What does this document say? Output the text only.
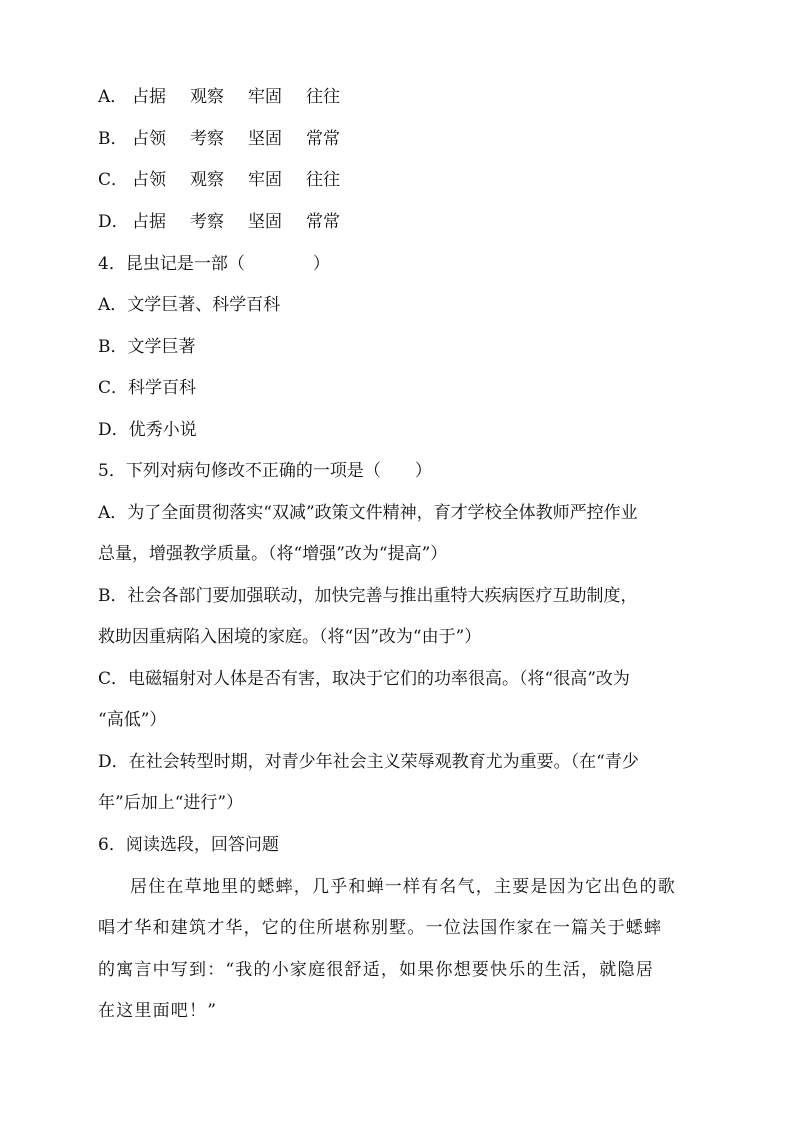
A． 占据 观察 牢固 往往
B． 占领 考察 坚固 常常
C． 占领 观察 牢固 往往
D． 占据 考察 坚固 常常
4．昆虫记是一部（　　　　）
A．文学巨著、科学百科
B．文学巨著
C．科学百科
D．优秀小说
5．下列对病句修改不正确的一项是（　　）
A．为了全面贯彻落实“双减”政策文件精神，育才学校全体教师严控作业
总量，增强教学质量。（将“增强”改为“提高”）
B．社会各部门要加强联动，加快完善与推出重特大疾病医疗互助制度，
救助因重病陷入困境的家庭。（将“因”改为“由于”）
C．电磁辐射对人体是否有害，取决于它们的功率很高。（将“很高”改为
“高低”）
D．在社会转型时期，对青少年社会主义荣辱观教育尤为重要。（在“青少
年”后加上“进行”）
6．阅读选段，回答问题
居住在草地里的蟋蟀，几乎和蝉一样有名气，主要是因为它出色的歌
唱才华和建筑才华，它的住所堪称别墅。一位法国作家在一篇关于蟋蟀
的寓言中写到：“我的小家庭很舒适，如果你想要快乐的生活，就隐居
在这里面吧！”
